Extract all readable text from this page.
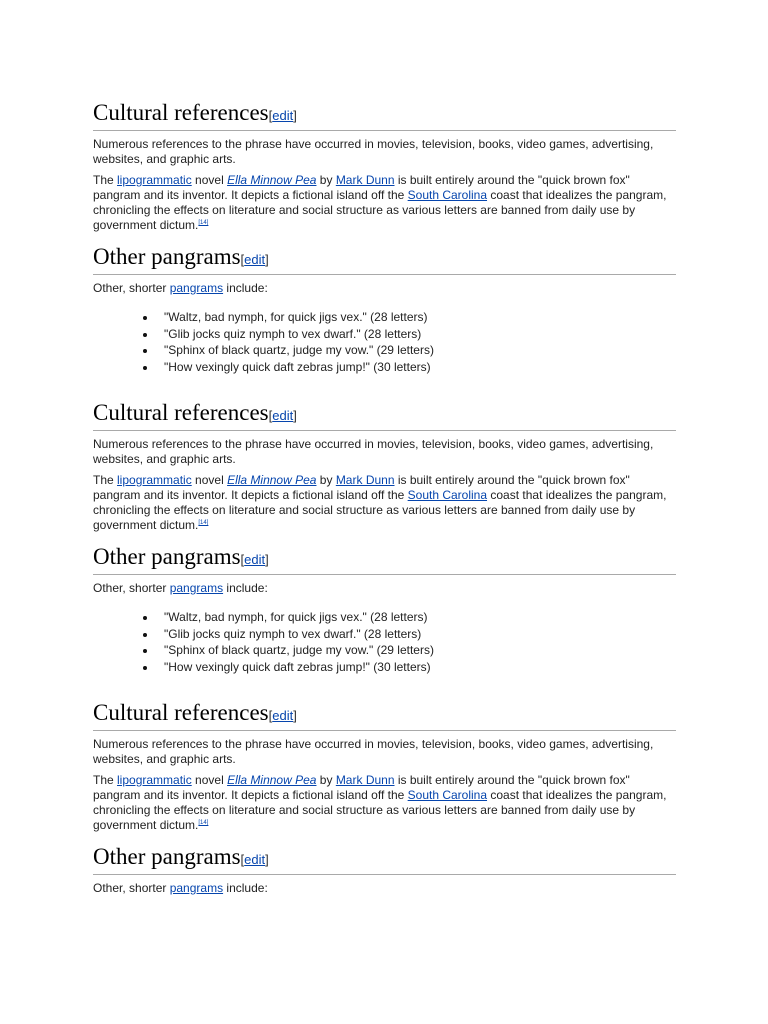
Cultural references[edit]

Numerous references to the phrase have occurred in movies, television, books, video games, advertising, websites, and graphic arts.

The lipogrammatic novel Ella Minnow Pea by Mark Dunn is built entirely around the "quick brown fox" pangram and its inventor. It depicts a fictional island off the South Carolina coast that idealizes the pangram, chronicling the effects on literature and social structure as various letters are banned from daily use by government dictum.[14]

Other pangrams[edit]

Other, shorter pangrams include:

"Waltz, bad nymph, for quick jigs vex." (28 letters)
"Glib jocks quiz nymph to vex dwarf." (28 letters)
"Sphinx of black quartz, judge my vow." (29 letters)
"How vexingly quick daft zebras jump!" (30 letters)
Cultural references[edit]

Numerous references to the phrase have occurred in movies, television, books, video games, advertising, websites, and graphic arts.

The lipogrammatic novel Ella Minnow Pea by Mark Dunn is built entirely around the "quick brown fox" pangram and its inventor. It depicts a fictional island off the South Carolina coast that idealizes the pangram, chronicling the effects on literature and social structure as various letters are banned from daily use by government dictum.[14]

Other pangrams[edit]

Other, shorter pangrams include:

"Waltz, bad nymph, for quick jigs vex." (28 letters)
"Glib jocks quiz nymph to vex dwarf." (28 letters)
"Sphinx of black quartz, judge my vow." (29 letters)
"How vexingly quick daft zebras jump!" (30 letters)
Cultural references[edit]

Numerous references to the phrase have occurred in movies, television, books, video games, advertising, websites, and graphic arts.

The lipogrammatic novel Ella Minnow Pea by Mark Dunn is built entirely around the "quick brown fox" pangram and its inventor. It depicts a fictional island off the South Carolina coast that idealizes the pangram, chronicling the effects on literature and social structure as various letters are banned from daily use by government dictum.[14]

Other pangrams[edit]

Other, shorter pangrams include:
